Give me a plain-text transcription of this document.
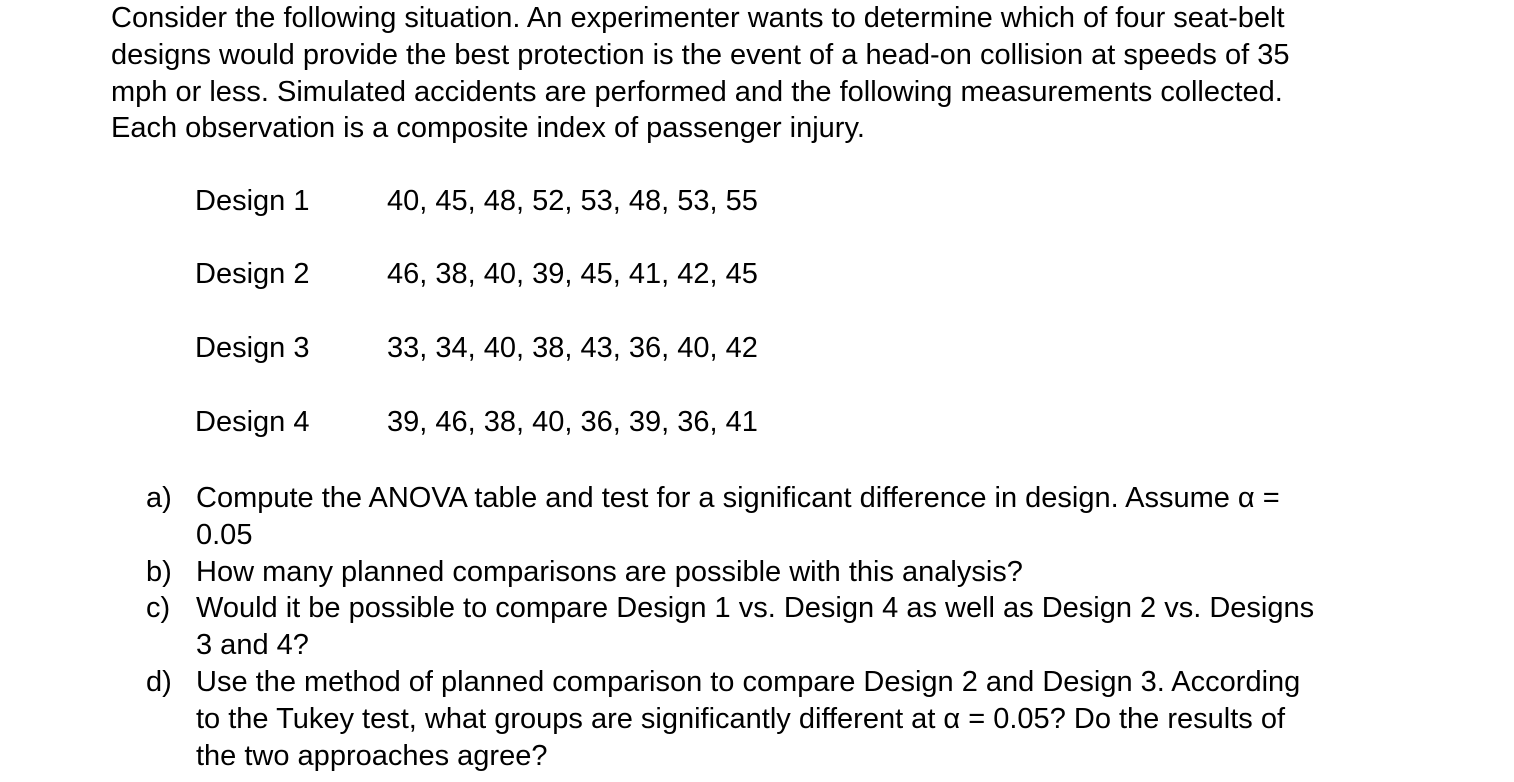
Consider the following situation. An experimenter wants to determine which of four seat-belt
designs would provide the best protection is the event of a head-on collision at speeds of 35
mph or less. Simulated accidents are performed and the following measurements collected.
Each observation is a composite index of passenger injury.
Design 1	40, 45, 48, 52, 53, 48, 53, 55
Design 2	46, 38, 40, 39, 45, 41, 42, 45
Design 3	33, 34, 40, 38, 43, 36, 40, 42
Design 4	39, 46, 38, 40, 36, 39, 36, 41
a) Compute the ANOVA table and test for a significant difference in design. Assume α =
0.05
b) How many planned comparisons are possible with this analysis?
c) Would it be possible to compare Design 1 vs. Design 4 as well as Design 2 vs. Designs
3 and 4?
d) Use the method of planned comparison to compare Design 2 and Design 3. According
to the Tukey test, what groups are significantly different at α = 0.05? Do the results of
the two approaches agree?
